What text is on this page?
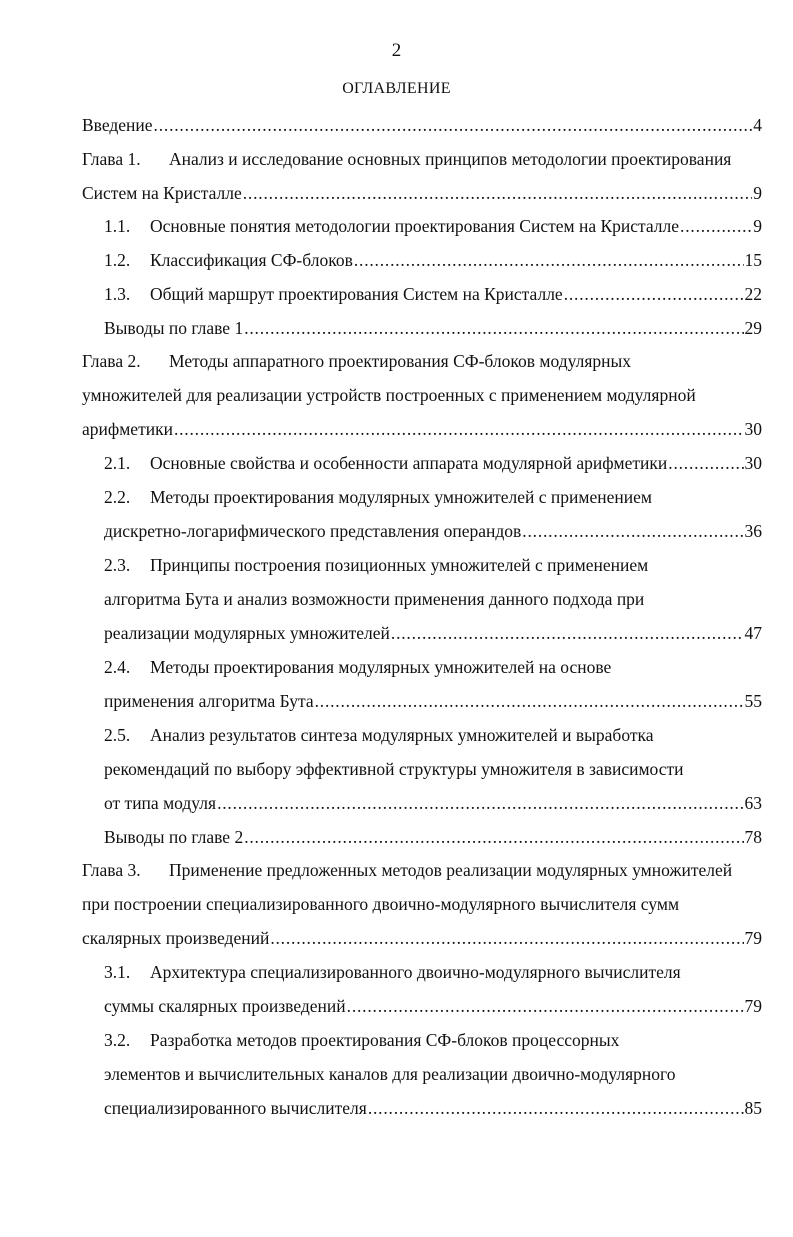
2
ОГЛАВЛЕНИЕ
Введение .....	4
Глава 1. Анализ и исследование основных принципов методологии проектирования
Систем на Кристалле .....	9
1.1. Основные понятия методологии проектирования Систем на Кристалле .....	9
1.2. Классификация СФ-блоков .....	15
1.3. Общий маршрут проектирования Систем на Кристалле .....	22
Выводы по главе 1 .....	29
Глава 2. Методы аппаратного проектирования СФ-блоков модулярных
умножителей для реализации устройств построенных с применением модулярной
арифметики .....	30
2.1. Основные свойства и особенности аппарата модулярной арифметики .....	30
2.2. Методы проектирования модулярных умножителей с применением
дискретно-логарифмического представления операндов .....	36
2.3. Принципы построения позиционных умножителей с применением
алгоритма Бута и анализ возможности применения данного подхода при
реализации модулярных умножителей .....	47
2.4. Методы проектирования модулярных умножителей на основе
применения алгоритма Бута .....	55
2.5. Анализ результатов синтеза модулярных умножителей и выработка
рекомендаций по выбору эффективной структуры умножителя в зависимости
от типа модуля .....	63
Выводы по главе 2 .....	78
Глава 3. Применение предложенных методов реализации модулярных умножителей
при построении специализированного двоично-модулярного вычислителя сумм
скалярных произведений .....	79
3.1. Архитектура специализированного двоично-модулярного вычислителя
суммы скалярных произведений .....	79
3.2. Разработка методов проектирования СФ-блоков процессорных
элементов и вычислительных каналов для реализации двоично-модулярного
специализированного вычислителя .....	85
